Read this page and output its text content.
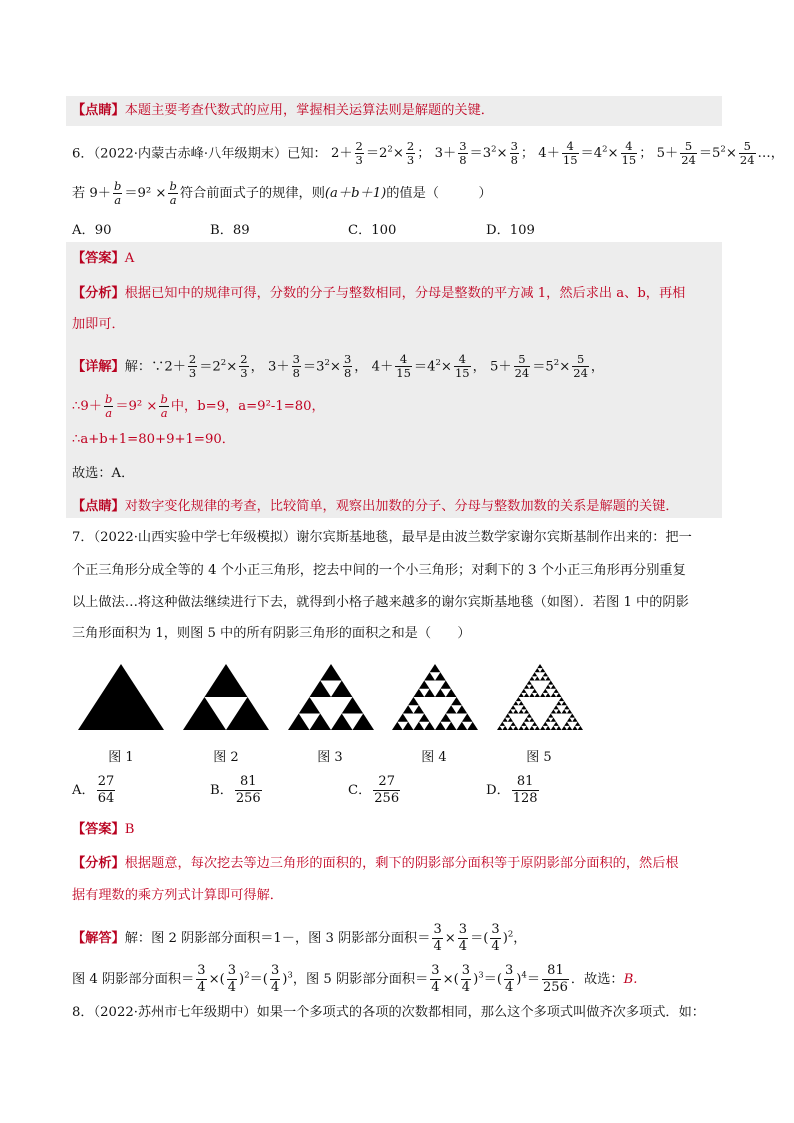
【点睛】本题主要考查代数式的应用，掌握相关运算法则是解题的关键．
6．（2022·内蒙古赤峰·八年级期末）已知： $2+ \frac{2}{3} =2^2\times \frac{2}{3}$ ； $3+ \frac{3}{8} =3^2\times \frac{3}{8}$ ； $4+ \frac{4}{15} =4^2\times \frac{4}{15}$ ； $5+ \frac{5}{24} =5^2\times \frac{5}{24}$ …，
若 $9+ \frac{b}{a} =9^2 \times \frac{b}{a}$ 符合前面式子的规律，则(a＋b＋1)的值是（　　　）
A．90	B．89	C．100	D．109
【答案】A
【分析】根据已知中的规律可得，分数的分子与整数相同，分母是整数的平方减 1，然后求出 a、b，再相
加即可．
【详解】解：∵2＋ $\frac{2}{3} =2^2\times \frac{2}{3}$ ， $3+ \frac{3}{8} =3^2\times \frac{3}{8}$ ， $4+ \frac{4}{15} =4^2\times \frac{4}{15}$ ， $5+ \frac{5}{24} =5^2\times \frac{5}{24}$ ，
∴9＋ $\frac{b}{a} =9^2 \times \frac{b}{a}$ 中，b=9，a=9²-1=80，
∴a+b+1=80+9+1=90．
故选：A．
【点睛】对数字变化规律的考查，比较简单，观察出加数的分子、分母与整数加数的关系是解题的关键．
7．（2022·山西实验中学七年级模拟）谢尔宾斯基地毯，最早是由波兰数学家谢尔宾斯基制作出来的：把一
个正三角形分成全等的 4 个小正三角形，挖去中间的一个小三角形；对剩下的 3 个小正三角形再分别重复
以上做法…将这种做法继续进行下去，就得到小格子越来越多的谢尔宾斯基地毯（如图）．若图 1 中的阴影
三角形面积为 1，则图 5 中的所有阴影三角形的面积之和是（　　）
图 1	图 2	图 3	图 4	图 5
A． $\frac{27}{64}$	B． $\frac{81}{256}$	C． $\frac{27}{256}$	D． $\frac{81}{128}$
【答案】B
【分析】根据题意，每次挖去等边三角形的面积的，剩下的阴影部分面积等于原阴影部分面积的，然后根
据有理数的乘方列式计算即可得解．
【解答】解：图 2 阴影部分面积＝1－，图 3 阴影部分面积＝ $\frac{3}{4} \times \frac{3}{4}$ ＝( $\frac{3}{4} )^2$，
图 4 阴影部分面积＝ $\frac{3}{4}$ ×( $\frac{3}{4} )^2=( \frac{3}{4} )^3$，图 5 阴影部分面积＝ $\frac{3}{4}$ ×( $\frac{3}{4} )^3=( \frac{3}{4} )^4= \frac{81}{256}$ ．故选：B.
8．（2022·苏州市七年级期中）如果一个多项式的各项的次数都相同，那么这个多项式叫做齐次多项式．如：
